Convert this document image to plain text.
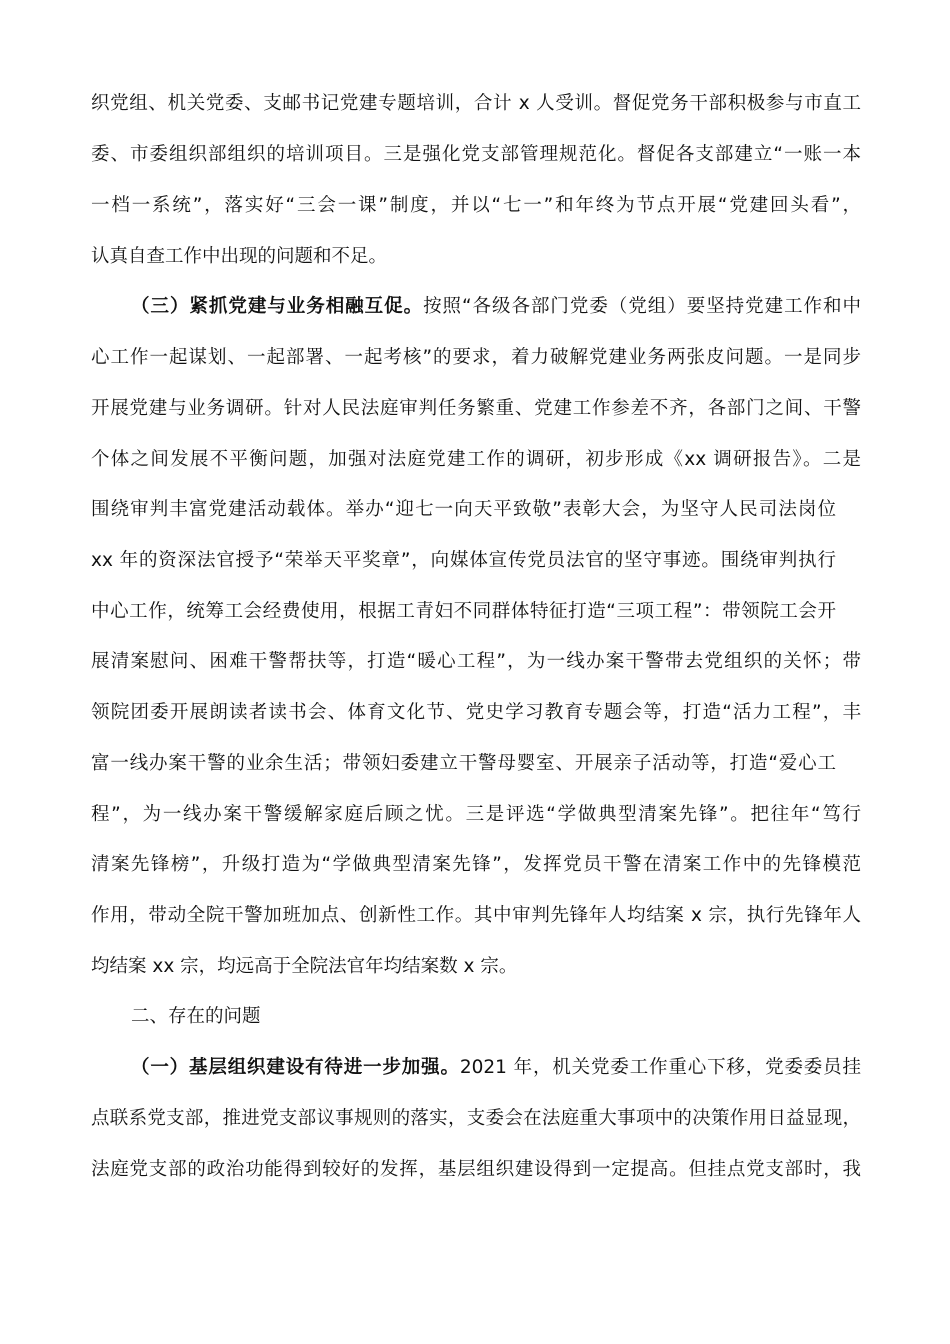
织党组、机关党委、支邮书记党建专题培训，合计 x 人受训。督促党务干部积极参与市直工
委、市委组织部组织的培训项目。三是强化党支部管理规范化。督促各支部建立“一账一本
一档一系统”，落实好“三会一课”制度，并以“七一”和年终为节点开展“党建回头看”，
认真自查工作中出现的问题和不足。
（三）紧抓党建与业务相融互促。按照“各级各部门党委（党组）要坚持党建工作和中
心工作一起谋划、一起部署、一起考核”的要求，着力破解党建业务两张皮问题。一是同步
开展党建与业务调研。针对人民法庭审判任务繁重、党建工作参差不齐，各部门之间、干警
个体之间发展不平衡问题，加强对法庭党建工作的调研，初步形成《xx 调研报告》。二是
围绕审判丰富党建活动载体。举办“迎七一向天平致敬”表彰大会，为坚守人民司法岗位
xx 年的资深法官授予“荣举天平奖章”，向媒体宣传党员法官的坚守事迹。围绕审判执行
中心工作，统筹工会经费使用，根据工青妇不同群体特征打造“三项工程”：带领院工会开
展清案慰问、困难干警帮扶等，打造“暖心工程”，为一线办案干警带去党组织的关怀；带
领院团委开展朗读者读书会、体育文化节、党史学习教育专题会等，打造“活力工程”，丰
富一线办案干警的业余生活；带领妇委建立干警母婴室、开展亲子活动等，打造“爱心工
程”，为一线办案干警缓解家庭后顾之忧。三是评选“学做典型清案先锋”。把往年“笃行
清案先锋榜”，升级打造为“学做典型清案先锋”，发挥党员干警在清案工作中的先锋模范
作用，带动全院干警加班加点、创新性工作。其中审判先锋年人均结案 x 宗，执行先锋年人
均结案 xx 宗，均远高于全院法官年均结案数 x 宗。
二、存在的问题
（一）基层组织建设有待进一步加强。2021 年，机关党委工作重心下移，党委委员挂
点联系党支部，推进党支部议事规则的落实，支委会在法庭重大事项中的决策作用日益显现，
法庭党支部的政治功能得到较好的发挥，基层组织建设得到一定提高。但挂点党支部时，我
